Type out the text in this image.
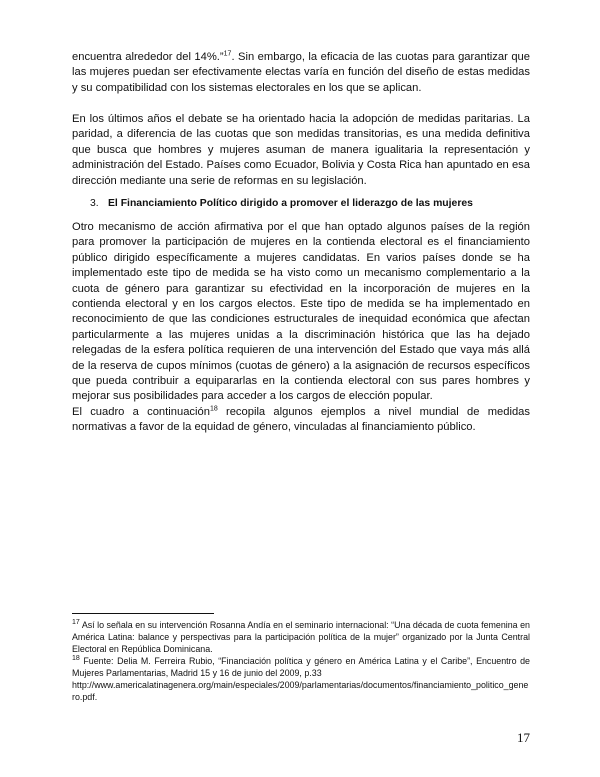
encuentra alrededor del 14%.”$^{17}$. Sin embargo, la eficacia de las cuotas para garantizar que las mujeres puedan ser efectivamente electas varía en función del diseño de estas medidas y su compatibilidad con los sistemas electorales en los que se aplican.

En los últimos años el debate se ha orientado hacia la adopción de medidas paritarias. La paridad, a diferencia de las cuotas que son medidas transitorias, es una medida definitiva que busca que hombres y mujeres asuman de manera igualitaria la representación y administración del Estado. Países como Ecuador, Bolivia y Costa Rica han apuntado en esa dirección mediante una serie de reformas en su legislación.

3. El Financiamiento Político dirigido a promover el liderazgo de las mujeres

Otro mecanismo de acción afirmativa por el que han optado algunos países de la región para promover la participación de mujeres en la contienda electoral es el financiamiento público dirigido específicamente a mujeres candidatas. En varios países donde se ha implementado este tipo de medida se ha visto como un mecanismo complementario a la cuota de género para garantizar su efectividad en la incorporación de mujeres en la contienda electoral y en los cargos electos. Este tipo de medida se ha implementado en reconocimiento de que las condiciones estructurales de inequidad económica que afectan particularmente a las mujeres unidas a la discriminación histórica que las ha dejado relegadas de la esfera política requieren de una intervención del Estado que vaya más allá de la reserva de cupos mínimos (cuotas de género) a la asignación de recursos específicos que pueda contribuir a equipararlas en la contienda electoral con sus pares hombres y mejorar sus posibilidades para acceder a los cargos de elección popular.

El cuadro a continuación$^{18}$ recopila algunos ejemplos a nivel mundial de medidas normativas a favor de la equidad de género, vinculadas al financiamiento público.

$^{17}$ Así lo señala en su intervención Rosanna Andía en el seminario internacional: “Una década de cuota femenina en América Latina: balance y perspectivas para la participación política de la mujer” organizado por la Junta Central Electoral en República Dominicana.

$^{18}$ Fuente: Delia M. Ferreira Rubio, “Financiación política y género en América Latina y el Caribe”, Encuentro de Mujeres Parlamentarias, Madrid 15 y 16 de junio del 2009, p.33
http://www.americalatinagenera.org/main/especiales/2009/parlamentarias/documentos/financiamiento_politico_genero.pdf.

17
